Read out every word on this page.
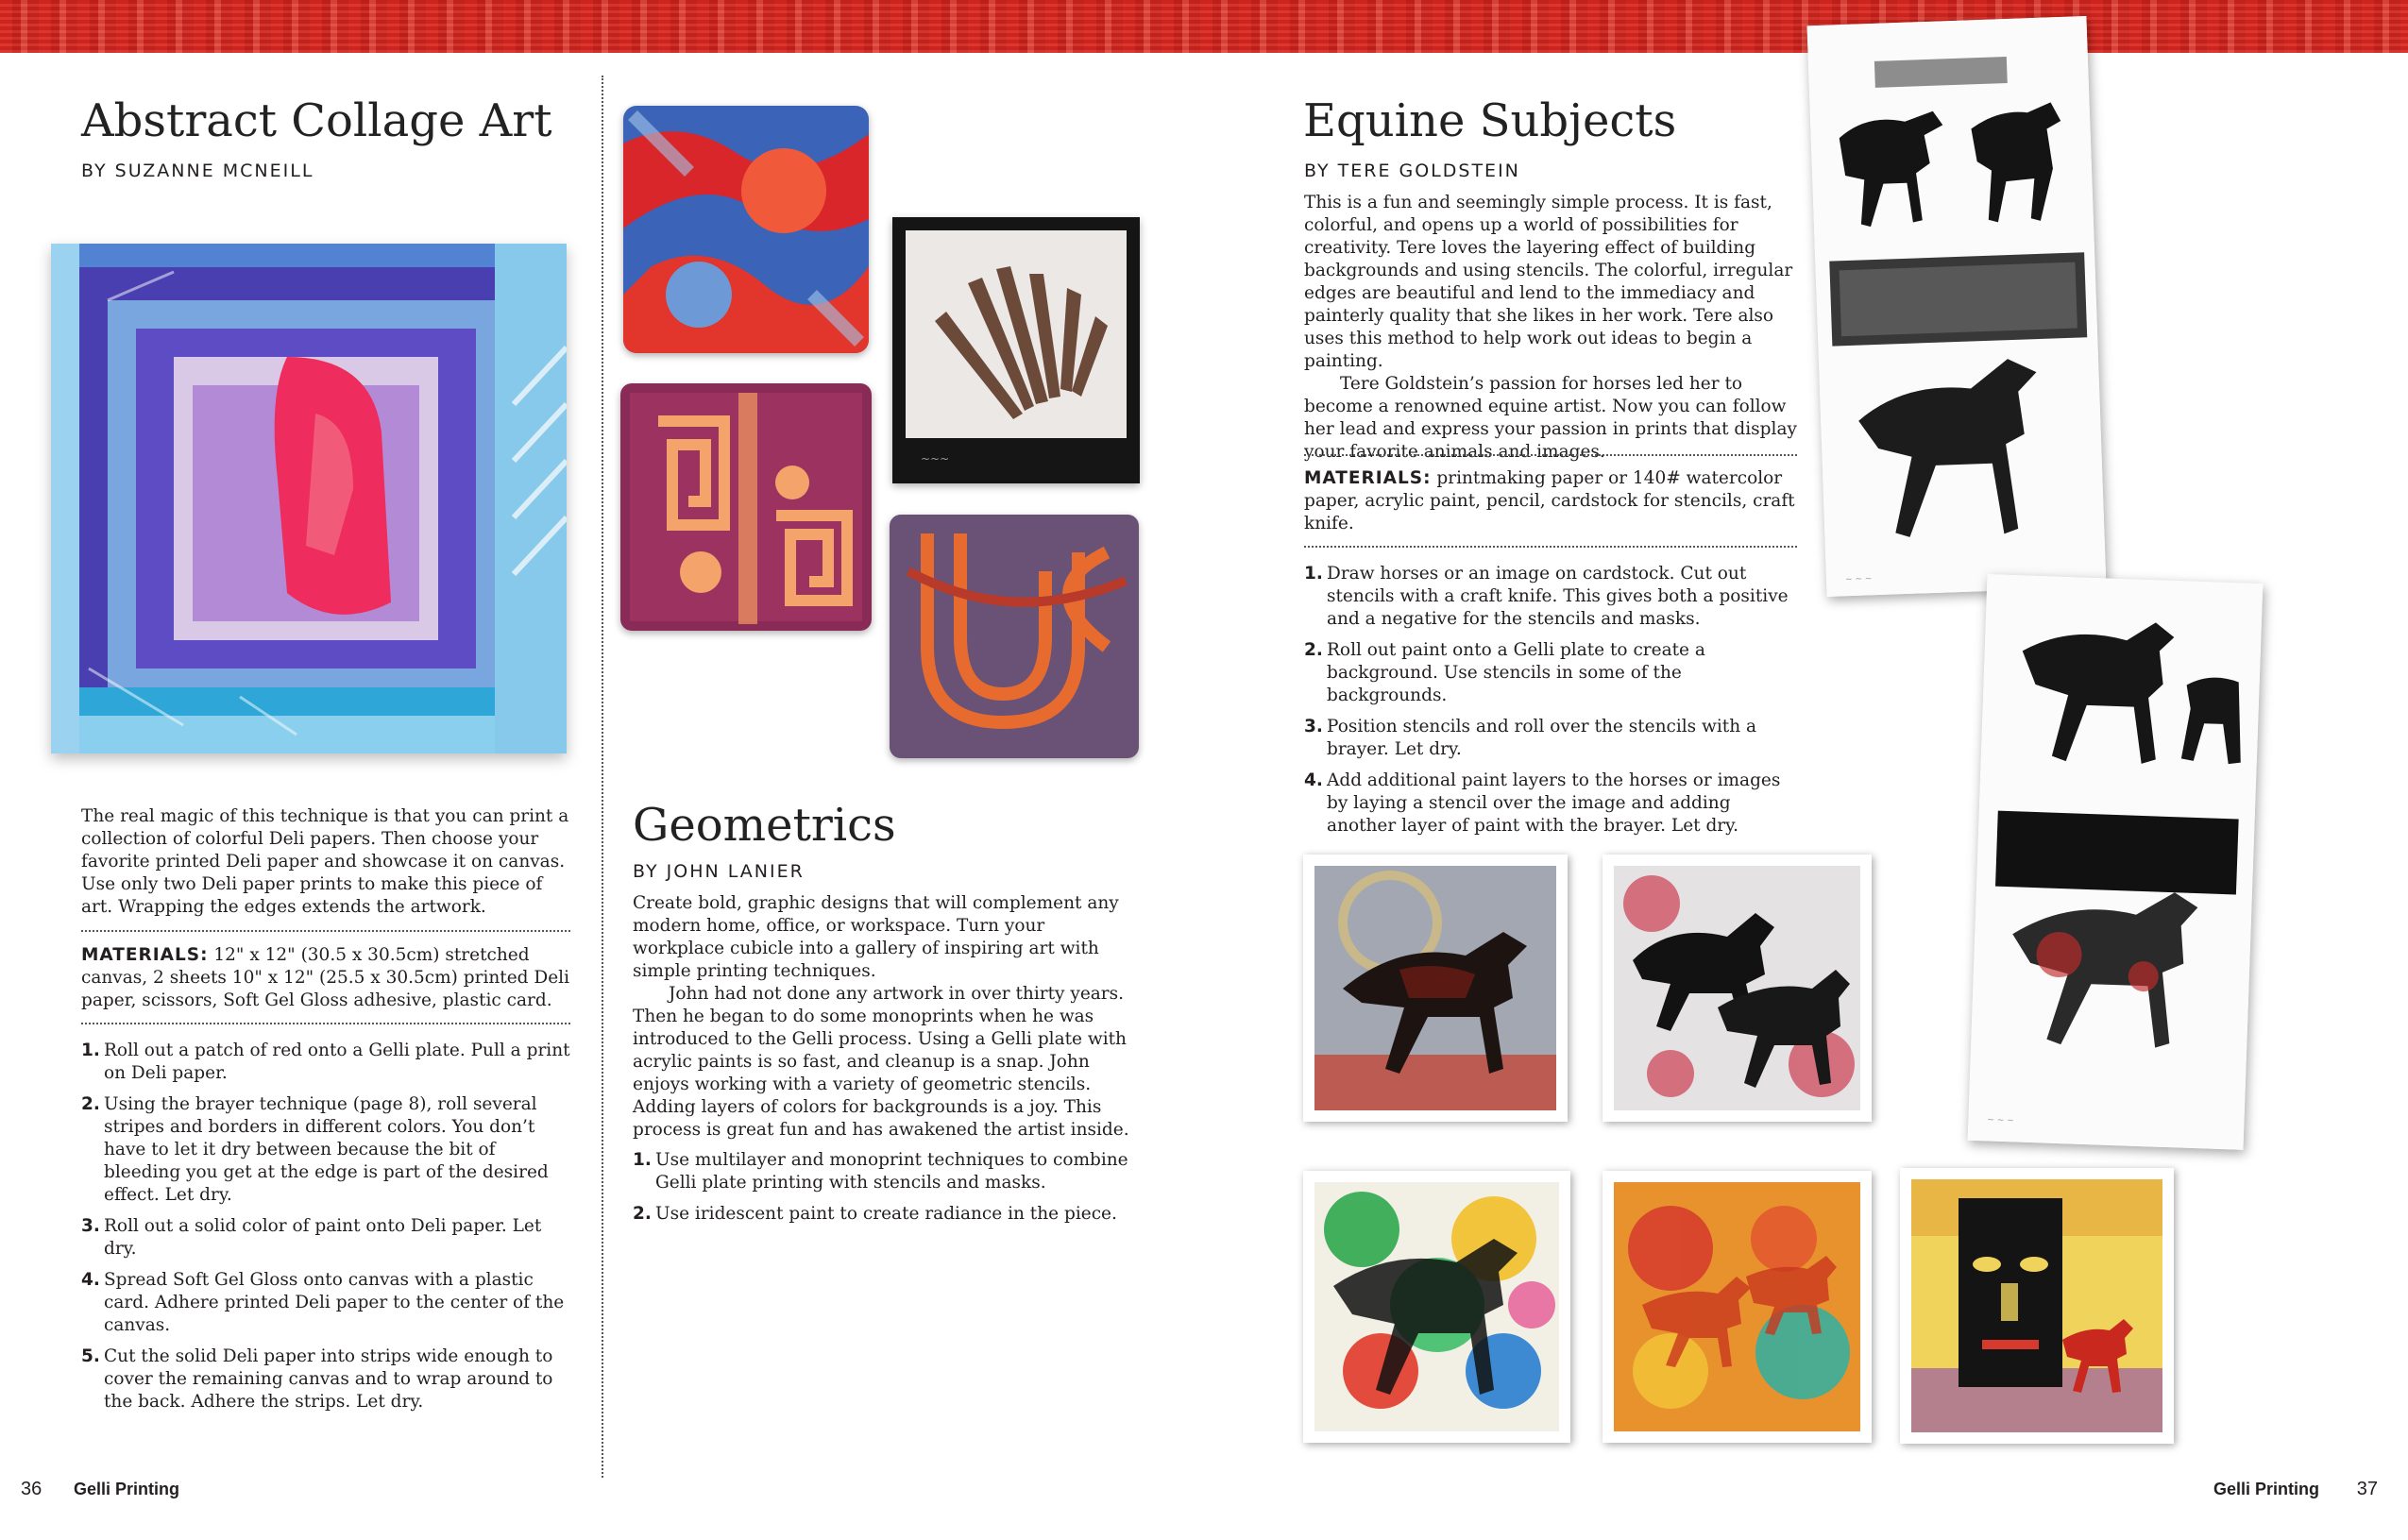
Abstract Collage Art
BY SUZANNE MCNEILL
The real magic of this technique is that you can print a collection of colorful Deli papers. Then choose your favorite printed Deli paper and showcase it on canvas. Use only two Deli paper prints to make this piece of art. Wrapping the edges extends the artwork.
MATERIALS: 12" x 12" (30.5 x 30.5cm) stretched canvas, 2 sheets 10" x 12" (25.5 x 30.5cm) printed Deli paper, scissors, Soft Gel Gloss adhesive, plastic card.
1. Roll out a patch of red onto a Gelli plate. Pull a print on Deli paper.
2. Using the brayer technique (page 8), roll several stripes and borders in different colors. You don’t have to let it dry between because the bit of bleeding you get at the edge is part of the desired effect. Let dry.
3. Roll out a solid color of paint onto Deli paper. Let dry.
4. Spread Soft Gel Gloss onto canvas with a plastic card. Adhere printed Deli paper to the center of the canvas.
5. Cut the solid Deli paper into strips wide enough to cover the remaining canvas and to wrap around to the back. Adhere the strips. Let dry.
36 Gelli Printing
~~~
Geometrics
BY JOHN LANIER

Create bold, graphic designs that will complement any modern home, office, or workspace. Turn your workplace cubicle into a gallery of inspiring art with simple printing techniques.

John had not done any artwork in over thirty years. Then he began to do some monoprints when he was introduced to the Gelli process. Using a Gelli plate with acrylic paints is so fast, and cleanup is a snap. John enjoys working with a variety of geometric stencils. Adding layers of colors for backgrounds is a joy. This process is great fun and has awakened the artist inside.

1. Use multilayer and monoprint techniques to combine Gelli plate printing with stencils and masks.
2. Use iridescent paint to create radiance in the piece.
Equine Subjects
BY TERE GOLDSTEIN

This is a fun and seemingly simple process. It is fast, colorful, and opens up a world of possibilities for creativity. Tere loves the layering effect of building backgrounds and using stencils. The colorful, irregular edges are beautiful and lend to the immediacy and painterly quality that she likes in her work. Tere also uses this method to help work out ideas to begin a painting.

Tere Goldstein’s passion for horses led her to become a renowned equine artist. Now you can follow her lead and express your passion in prints that display your favorite animals and images.

MATERIALS: printmaking paper or 140# watercolor paper, acrylic paint, pencil, cardstock for stencils, craft knife.
1. Draw horses or an image on cardstock. Cut out stencils with a craft knife. This gives both a positive and a negative for the stencils and masks.
2. Roll out paint onto a Gelli plate to create a background. Use stencils in some of the backgrounds.
3. Position stencils and roll over the stencils with a brayer. Let dry.
4. Add additional paint layers to the horses or images by laying a stencil over the image and adding another layer of paint with the brayer. Let dry.
~ ~ ~
~ ~ ~
Gelli Printing 37
